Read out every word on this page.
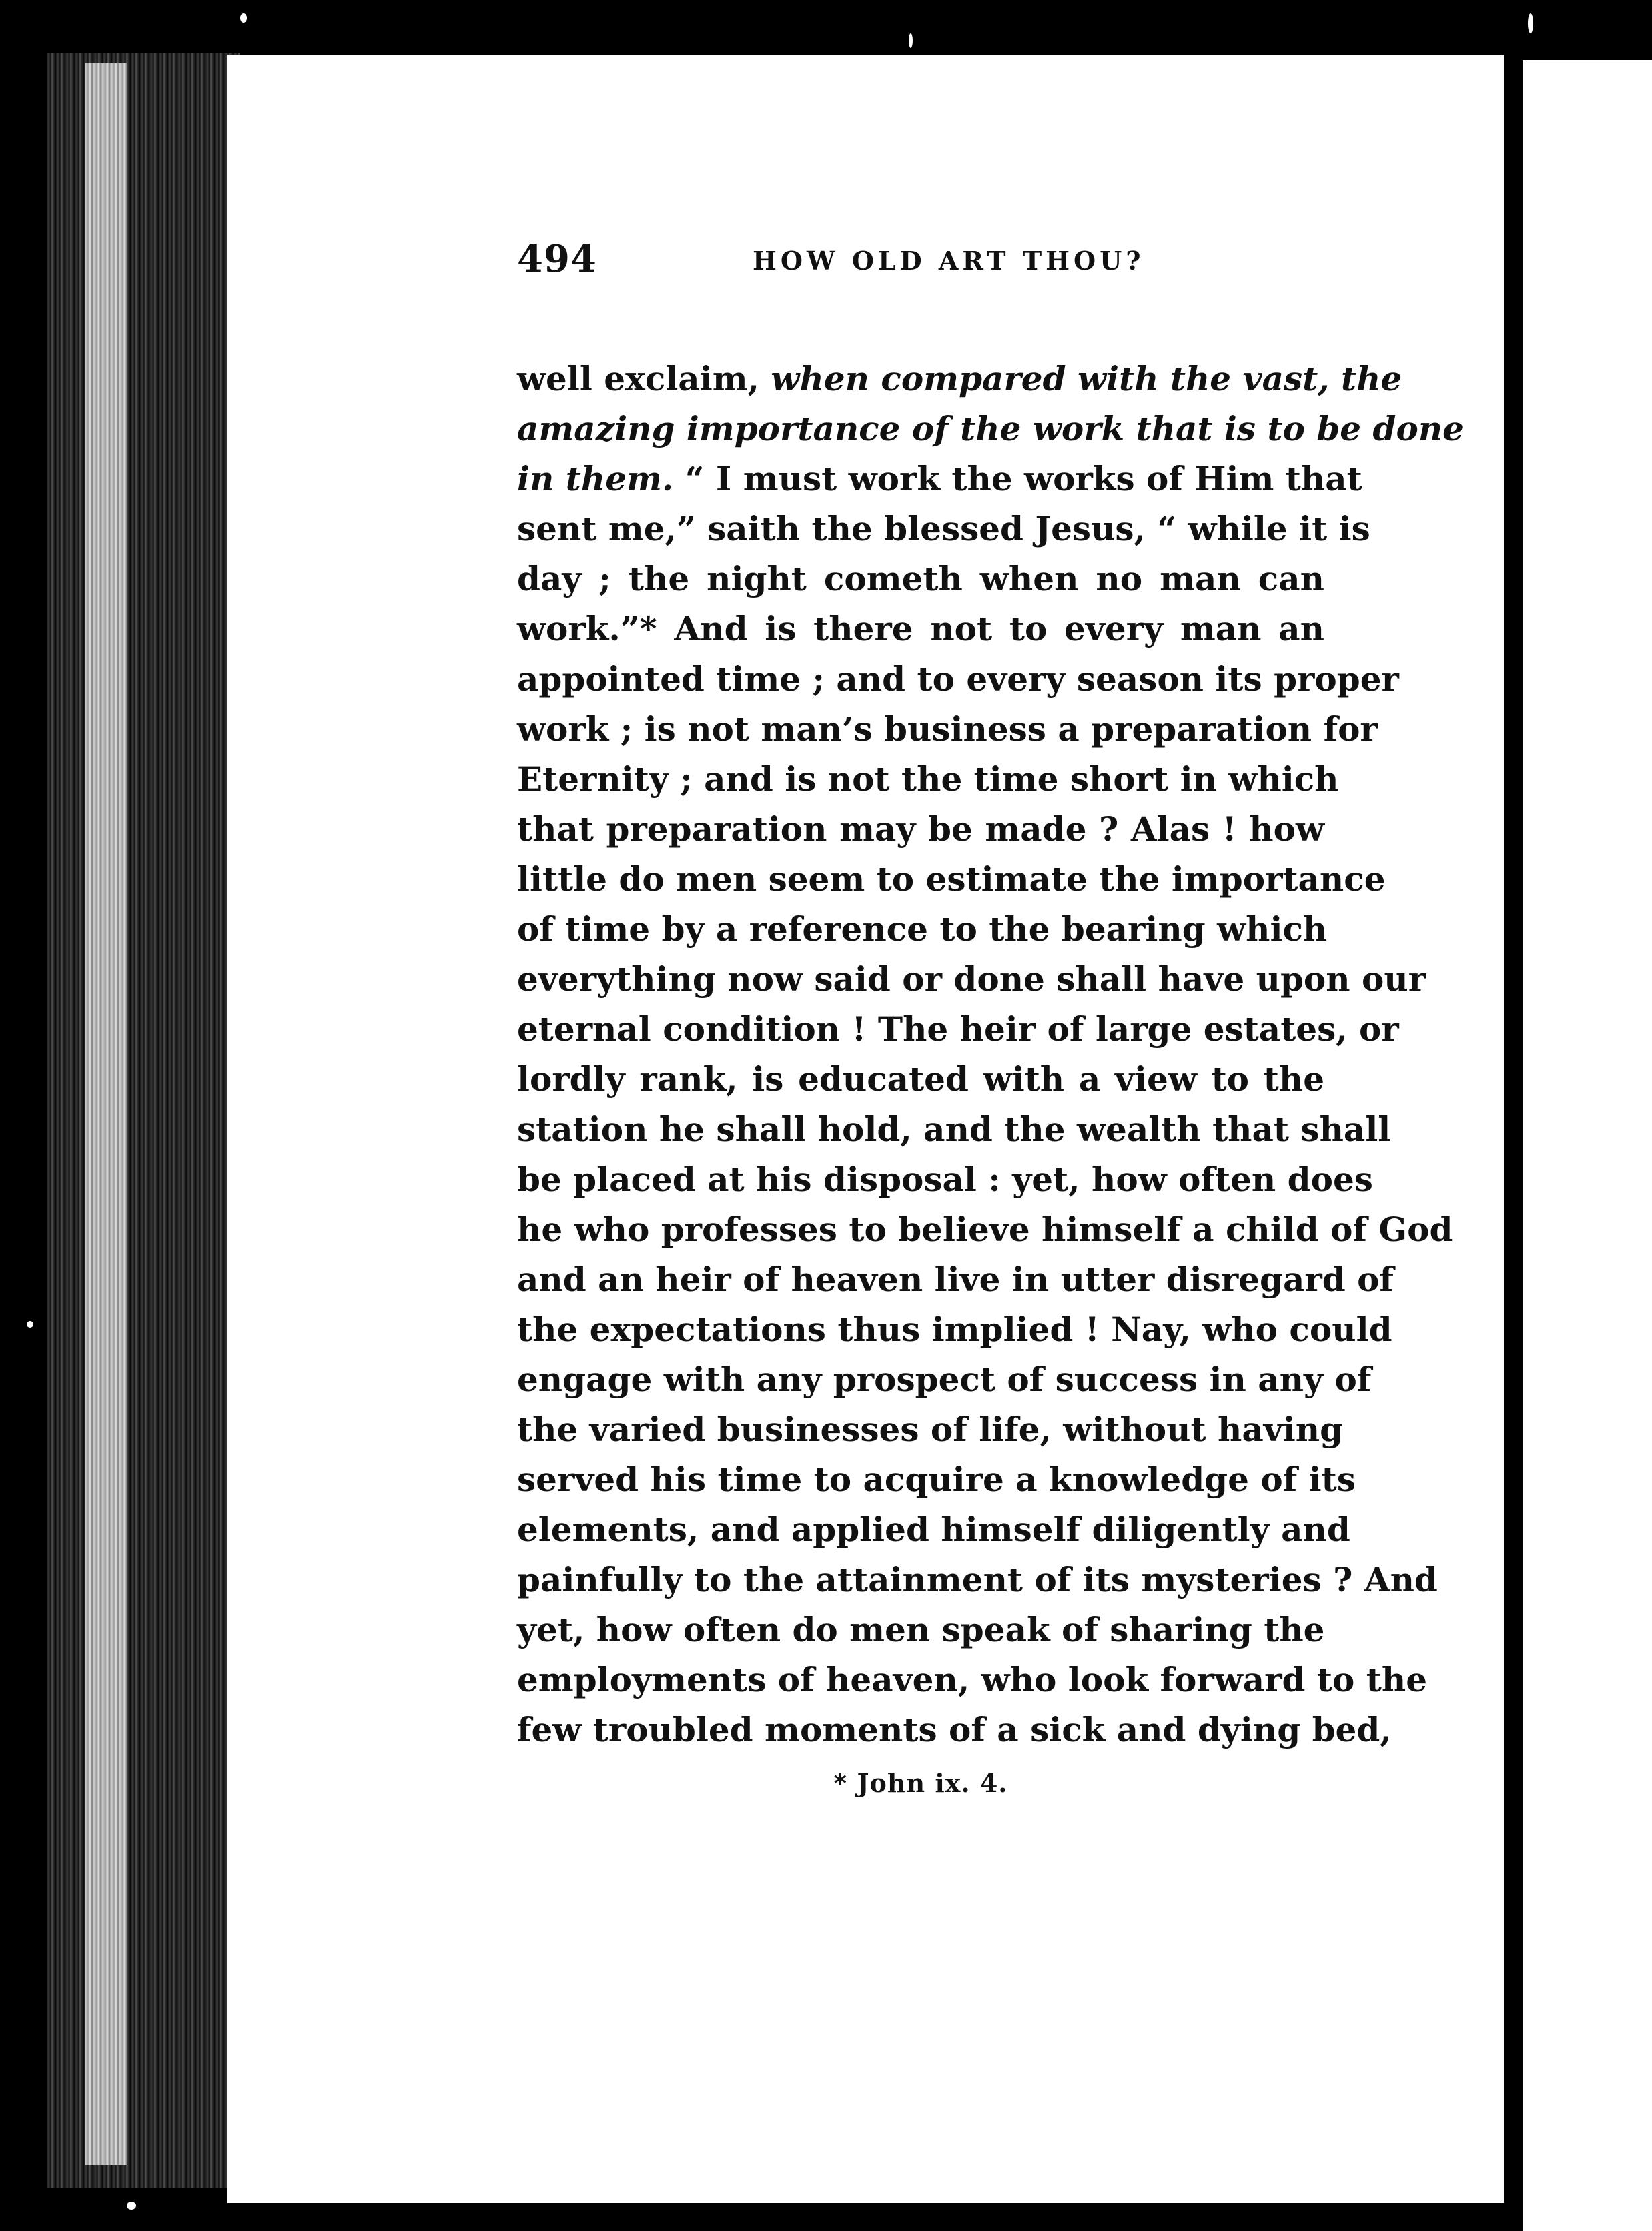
494	HOW OLD ART THOU?
well exclaim, when compared with the vast, the
amazing importance of the work that is to be done
in them. “ I must work the works of Him that
sent me,” saith the blessed Jesus, “ while it is
day ; the night cometh when no man can
work.”* And is there not to every man an
appointed time ; and to every season its proper
work ; is not man’s business a preparation for
Eternity ; and is not the time short in which
that preparation may be made ? Alas ! how
little do men seem to estimate the importance
of time by a reference to the bearing which
everything now said or done shall have upon our
eternal condition ! The heir of large estates, or
lordly rank, is educated with a view to the
station he shall hold, and the wealth that shall
be placed at his disposal : yet, how often does
he who professes to believe himself a child of God
and an heir of heaven live in utter disregard of
the expectations thus implied ! Nay, who could
engage with any prospect of success in any of
the varied businesses of life, without having
served his time to acquire a knowledge of its
elements, and applied himself diligently and
painfully to the attainment of its mysteries ? And
yet, how often do men speak of sharing the
employments of heaven, who look forward to the
few troubled moments of a sick and dying bed,
* John ix. 4.
